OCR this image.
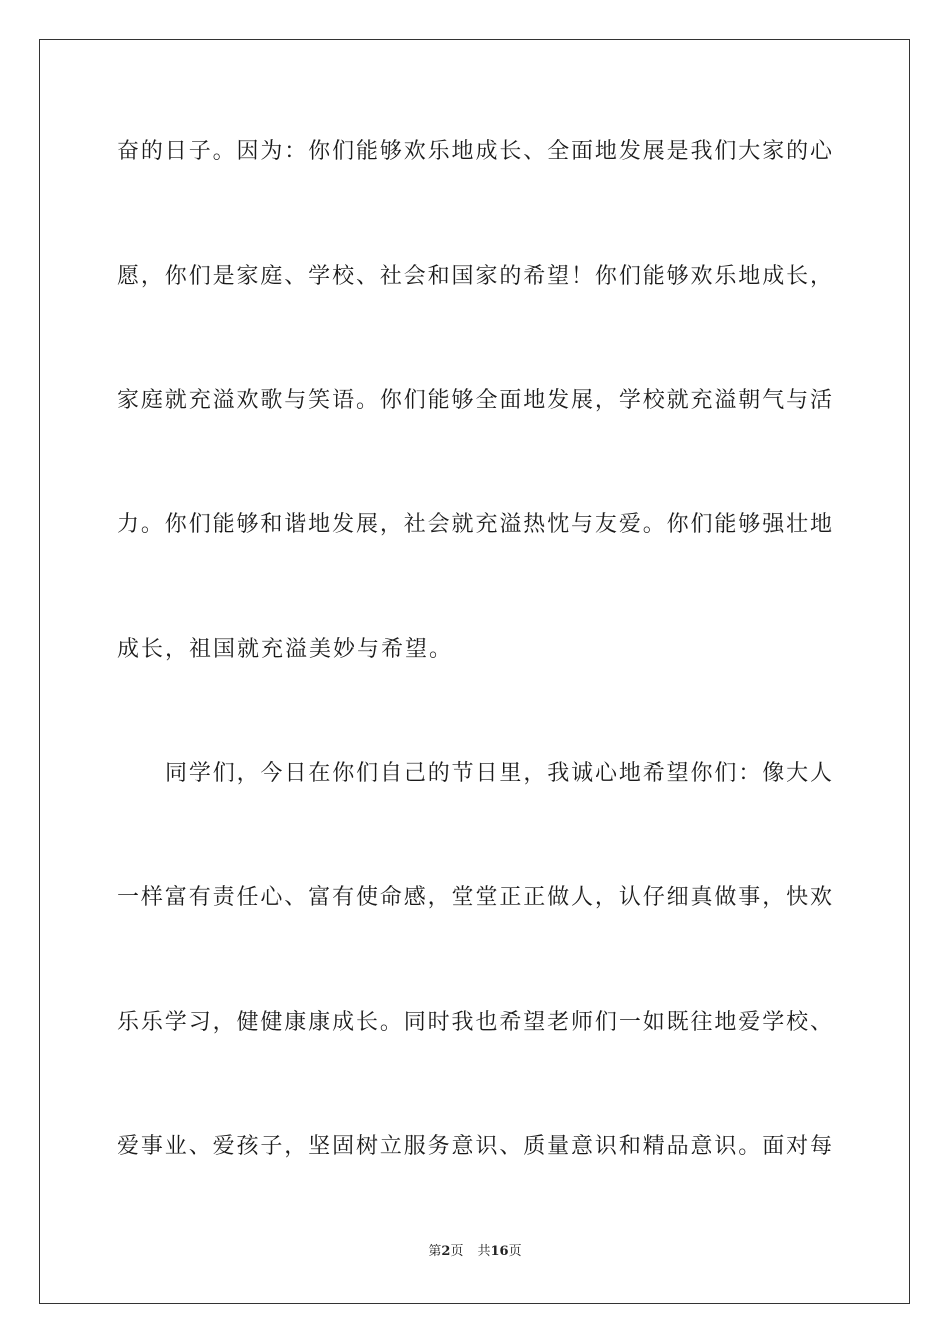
奋的日子。因为：你们能够欢乐地成长、全面地发展是我们大家的心
愿，你们是家庭、学校、社会和国家的希望！你们能够欢乐地成长，
家庭就充溢欢歌与笑语。你们能够全面地发展，学校就充溢朝气与活
力。你们能够和谐地发展，社会就充溢热忱与友爱。你们能够强壮地
成长，祖国就充溢美妙与希望。
同学们，今日在你们自己的节日里，我诚心地希望你们：像大人
一样富有责任心、富有使命感，堂堂正正做人，认仔细真做事，快欢
乐乐学习，健健康康成长。同时我也希望老师们一如既往地爱学校、
爱事业、爱孩子，坚固树立服务意识、质量意识和精品意识。面对每
第2页 共16页
